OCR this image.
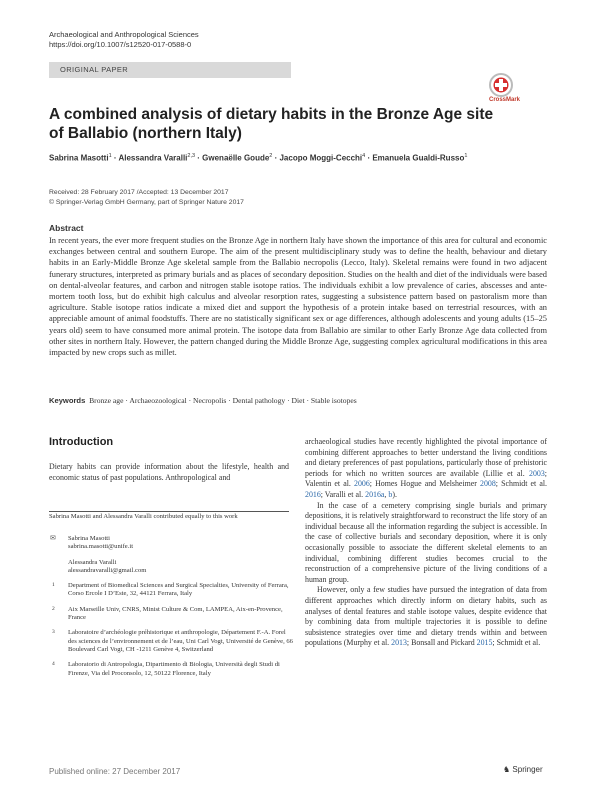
Archaeological and Anthropological Sciences
https://doi.org/10.1007/s12520-017-0588-0
ORIGINAL PAPER
CrossMark
A combined analysis of dietary habits in the Bronze Age site of Ballabio (northern Italy)
Sabrina Masotti$^1$ · Alessandra Varalli$^{2,3}$ · Gwenaëlle Goude$^2$ · Jacopo Moggi-Cecchi$^4$ · Emanuela Gualdi-Russo$^1$
Received: 28 February 2017 /Accepted: 13 December 2017
© Springer-Verlag GmbH Germany, part of Springer Nature 2017
Abstract
In recent years, the ever more frequent studies on the Bronze Age in northern Italy have shown the importance of this area for cultural and economic exchanges between central and southern Europe. The aim of the present multidisciplinary study was to define the health, behaviour and dietary habits in an Early-Middle Bronze Age skeletal sample from the Ballabio necropolis (Lecco, Italy). Skeletal remains were found in two adjacent funerary structures, interpreted as primary burials and as places of secondary deposition. Studies on the health and diet of the individuals were based on dental-alveolar features, and carbon and nitrogen stable isotope ratios. The individuals exhibit a low prevalence of caries, abscesses and ante-mortem tooth loss, but do exhibit high calculus and alveolar resorption rates, suggesting a subsistence pattern based on pastoralism more than agriculture. Stable isotope ratios indicate a mixed diet and support the hypothesis of a protein intake based on terrestrial resources, with an appreciable amount of animal foodstuffs. There are no statistically significant sex or age differences, although adolescents and young adults (15–25 years old) seem to have consumed more animal protein. The isotope data from Ballabio are similar to other Early Bronze Age data collected from other sites in northern Italy. However, the pattern changed during the Middle Bronze Age, suggesting complex agricultural modifications in this area impacted by new crops such as millet.
Keywords Bronze age · Archaeozoological · Necropolis · Dental pathology · Diet · Stable isotopes
Introduction
Dietary habits can provide information about the lifestyle, health and economic status of past populations. Anthropological and
Sabrina Masotti and Alessandra Varalli contributed equally to this work
✉ Sabrina Masotti
sabrina.masotti@unife.it
Alessandra Varalli
alessandravaralli@gmail.com
1 Department of Biomedical Sciences and Surgical Specialties, University of Ferrara, Corso Ercole I D’Este, 32, 44121 Ferrara, Italy
2 Aix Marseille Univ, CNRS, Minist Culture & Com, LAMPEA, Aix-en-Provence, France
3 Laboratoire d’archéologie préhistorique et anthropologie, Département F.-A. Forel des sciences de l’environnement et de l’eau, Uni Carl Vogt, Université de Genève, 66 Boulevard Carl Vogt, CH -1211 Genève 4, Switzerland
4 Laboratorio di Antropologia, Dipartimento di Biologia, Università degli Studi di Firenze, Via del Proconsolo, 12, 50122 Florence, Italy

archaeological studies have recently highlighted the pivotal importance of combining different approaches to better understand the living conditions and dietary preferences of past populations, particularly those of prehistoric periods for which no written sources are available (Lillie et al. 2003; Valentin et al. 2006; Homes Hogue and Melsheimer 2008; Schmidt et al. 2016; Varalli et al. 2016a, b).

In the case of a cemetery comprising single burials and primary depositions, it is relatively straightforward to reconstruct the life story of an individual because all the information regarding the subject is accessible. In the case of collective burials and secondary deposition, where it is only occasionally possible to associate the different skeletal elements to an individual, combining different studies becomes crucial to the reconstruction of a comprehensive picture of the living conditions of a human group.

However, only a few studies have pursued the integration of data from different approaches which directly inform on dietary habits, such as analyses of dental features and stable isotope values, despite evidence that by combining data from multiple trajectories it is possible to define subsistence strategies over time and dietary trends within and between populations (Murphy et al. 2013; Bonsall and Pickard 2015; Schmidt et al.

Published online: 27 December 2017	♞ Springer
